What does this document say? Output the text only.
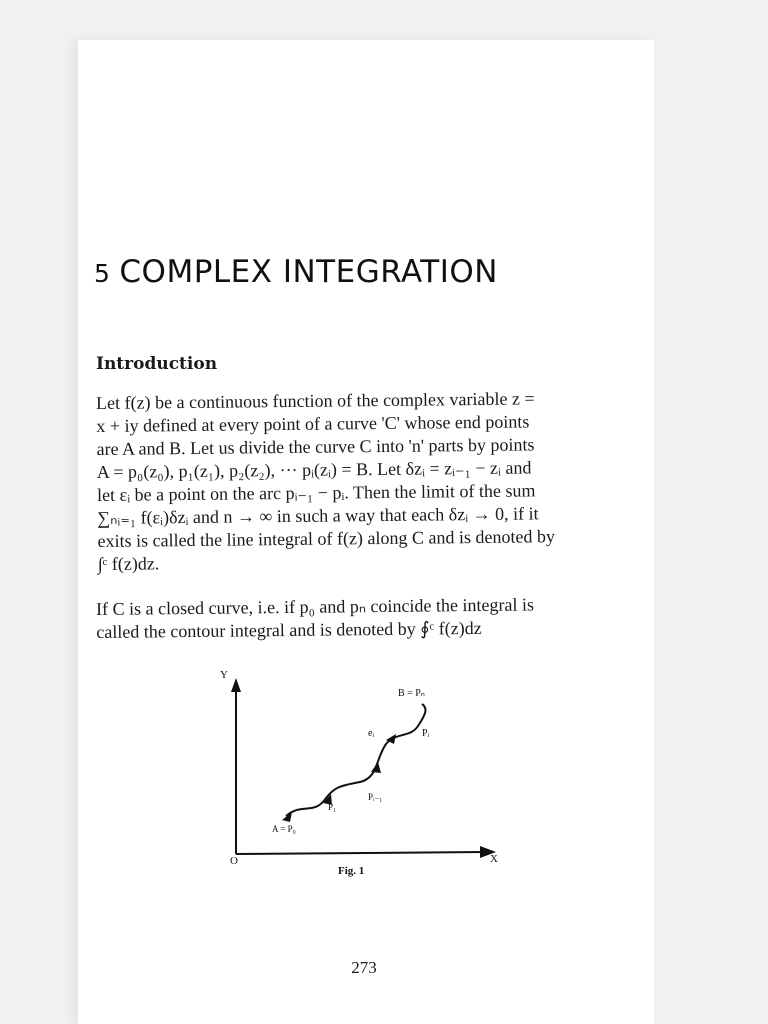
5 COMPLEX INTEGRATION
Introduction
Let f(z) be a continuous function of the complex variable z =
x + iy defined at every point of a curve 'C' whose end points
are A and B. Let us divide the curve C into 'n' parts by points
A = p₀(z₀), p₁(z₁), p₂(z₂), ··· pᵢ(zᵢ) = B. Let δzᵢ = zᵢ₋₁ − zᵢ and
let εᵢ be a point on the arc pᵢ₋₁ − pᵢ. Then the limit of the sum
∑ₙᵢ₌₁ f(εᵢ)δzᵢ and n → ∞ in such a way that each δzᵢ → 0, if it
exits is called the line integral of f(z) along C and is denoted by
∫ᶜ f(z)dz.
If C is a closed curve, i.e. if p₀ and pₙ coincide the integral is
called the contour integral and is denoted by ∮ᶜ f(z)dz
Y
X
O
B = Pₙ
eᵢ	Pᵢ
Pᵢ₋₁
P₁
A = P₀
Fig. 1
273
